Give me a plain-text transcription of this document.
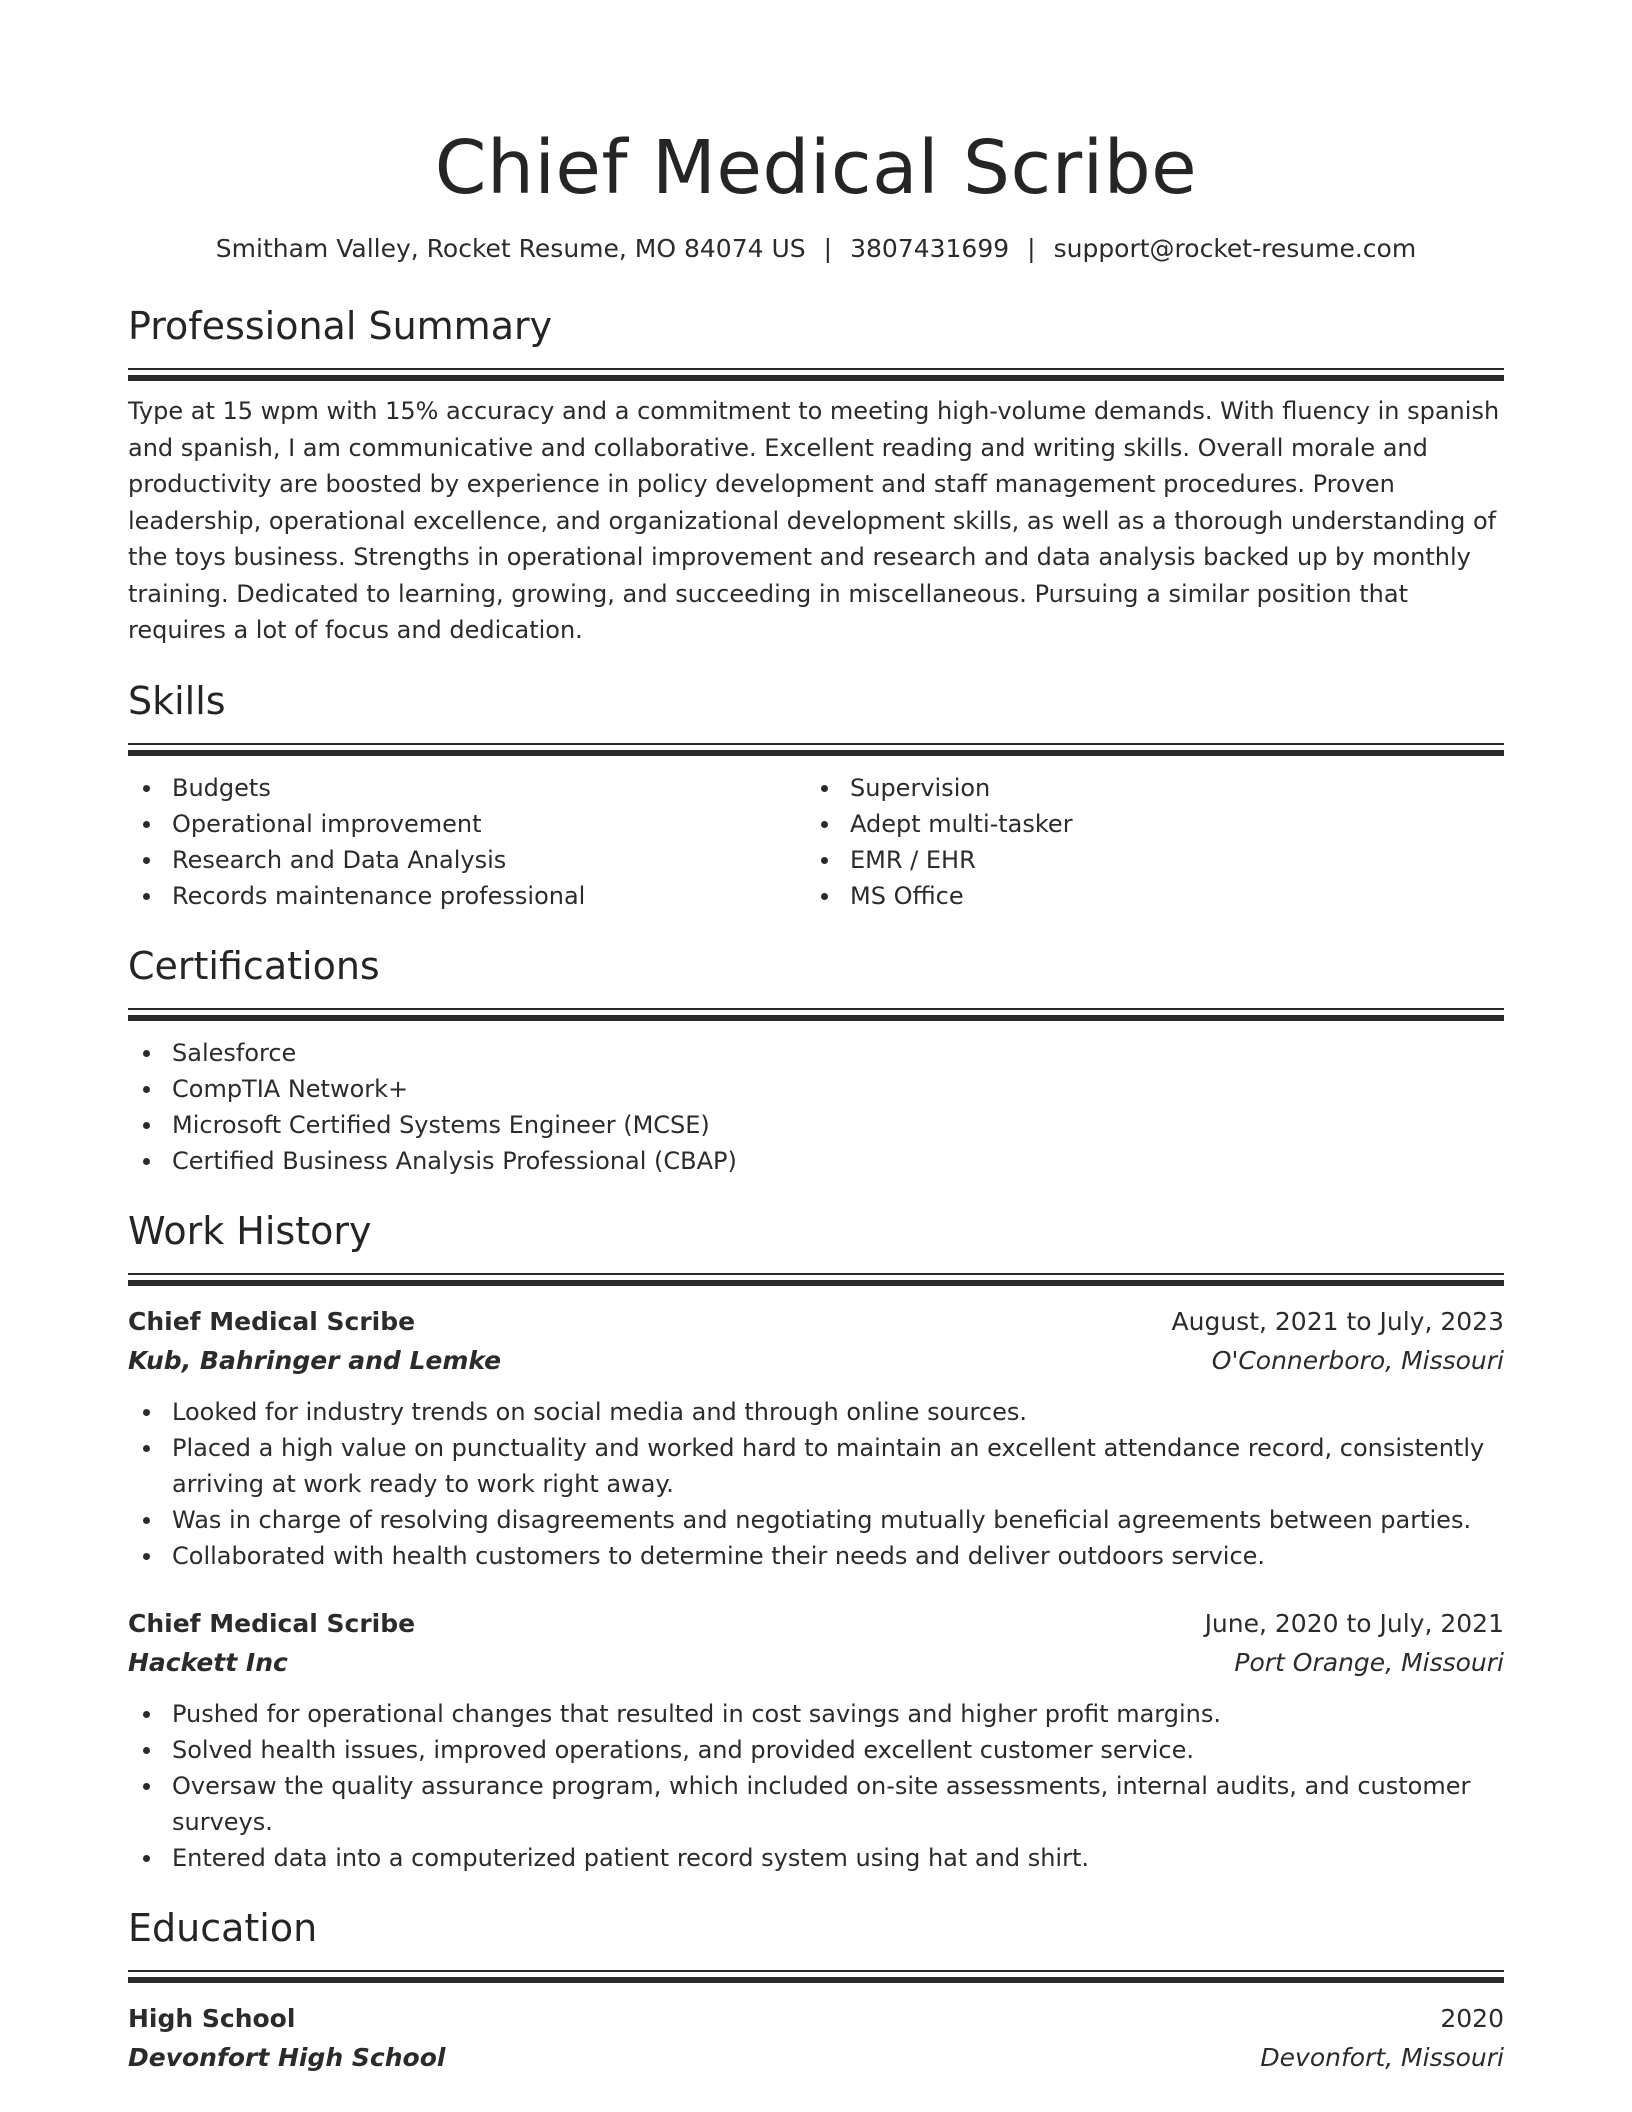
Chief Medical Scribe
Smitham Valley, Rocket Resume, MO 84074 US | 3807431699 | support@rocket-resume.com
Professional Summary
Type at 15 wpm with 15% accuracy and a commitment to meeting high-volume demands. With fluency in spanish and spanish, I am communicative and collaborative. Excellent reading and writing skills. Overall morale and productivity are boosted by experience in policy development and staff management procedures. Proven leadership, operational excellence, and organizational development skills, as well as a thorough understanding of the toys business. Strengths in operational improvement and research and data analysis backed up by monthly training. Dedicated to learning, growing, and succeeding in miscellaneous. Pursuing a similar position that requires a lot of focus and dedication.
Skills
Budgets
Operational improvement
Research and Data Analysis
Records maintenance professional
Supervision
Adept multi-tasker
EMR / EHR
MS Office
Certifications
Salesforce
CompTIA Network+
Microsoft Certified Systems Engineer (MCSE)
Certified Business Analysis Professional (CBAP)
Work History
Chief Medical Scribe	August, 2021 to July, 2023
Kub, Bahringer and Lemke	O'Connerboro, Missouri
Looked for industry trends on social media and through online sources.
Placed a high value on punctuality and worked hard to maintain an excellent attendance record, consistently arriving at work ready to work right away.
Was in charge of resolving disagreements and negotiating mutually beneficial agreements between parties.
Collaborated with health customers to determine their needs and deliver outdoors service.
Chief Medical Scribe	June, 2020 to July, 2021
Hackett Inc	Port Orange, Missouri
Pushed for operational changes that resulted in cost savings and higher profit margins.
Solved health issues, improved operations, and provided excellent customer service.
Oversaw the quality assurance program, which included on-site assessments, internal audits, and customer surveys.
Entered data into a computerized patient record system using hat and shirt.
Education
High School	2020
Devonfort High School	Devonfort, Missouri
